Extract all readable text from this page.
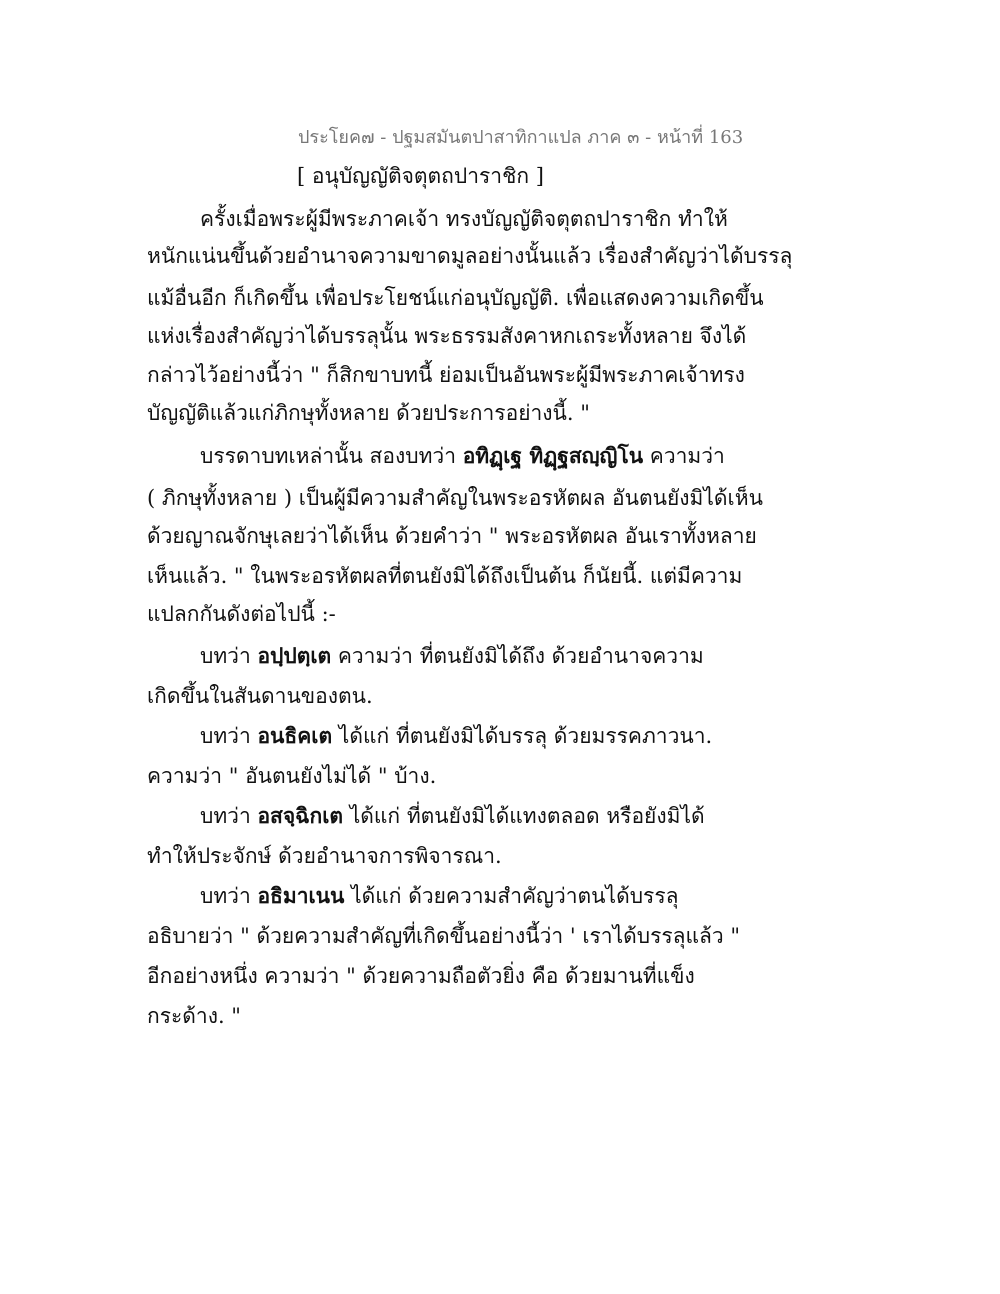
ประโยค๗ - ปฐมสมันตปาสาทิกาแปล ภาค ๓ - หน้าที่ 163
[ อนุบัญญัติจตุตถปาราชิก ]
ครั้งเมื่อพระผู้มีพระภาคเจ้า ทรงบัญญัติจตุตถปาราชิก ทำให้
หนักแน่นขึ้นด้วยอำนาจความขาดมูลอย่างนั้นแล้ว เรื่องสำคัญว่าได้บรรลุ
แม้อื่นอีก ก็เกิดขึ้น เพื่อประโยชน์แก่อนุบัญญัติ. เพื่อแสดงความเกิดขึ้น
แห่งเรื่องสำคัญว่าได้บรรลุนั้น พระธรรมสังคาหกเถระทั้งหลาย จึงได้
กล่าวไว้อย่างนี้ว่า " ก็สิกขาบทนี้ ย่อมเป็นอันพระผู้มีพระภาคเจ้าทรง
บัญญัติแล้วแก่ภิกษุทั้งหลาย ด้วยประการอย่างนี้. "
บรรดาบทเหล่านั้น สองบทว่า อทิฏฺเฐ ทิฏฺฐสญฺญิโน ความว่า
( ภิกษุทั้งหลาย ) เป็นผู้มีความสำคัญในพระอรหัตผล อันตนยังมิได้เห็น
ด้วยญาณจักษุเลยว่าได้เห็น ด้วยคำว่า " พระอรหัตผล อันเราทั้งหลาย
เห็นแล้ว. " ในพระอรหัตผลที่ตนยังมิได้ถึงเป็นต้น ก็นัยนี้. แต่มีความ
แปลกกันดังต่อไปนี้ :-
บทว่า อปฺปตฺเต ความว่า ที่ตนยังมิได้ถึง ด้วยอำนาจความ
เกิดขึ้นในสันดานของตน.
บทว่า อนธิคเต ได้แก่ ที่ตนยังมิได้บรรลุ ด้วยมรรคภาวนา.
ความว่า " อันตนยังไม่ได้ " บ้าง.
บทว่า อสจฺฉิกเต ได้แก่ ที่ตนยังมิได้แทงตลอด หรือยังมิได้
ทำให้ประจักษ์ ด้วยอำนาจการพิจารณา.
บทว่า อธิมาเนน ได้แก่ ด้วยความสำคัญว่าตนได้บรรลุ
อธิบายว่า " ด้วยความสำคัญที่เกิดขึ้นอย่างนี้ว่า ' เราได้บรรลุแล้ว "
อีกอย่างหนึ่ง ความว่า " ด้วยความถือตัวยิ่ง คือ ด้วยมานที่แข็ง
กระด้าง. "
